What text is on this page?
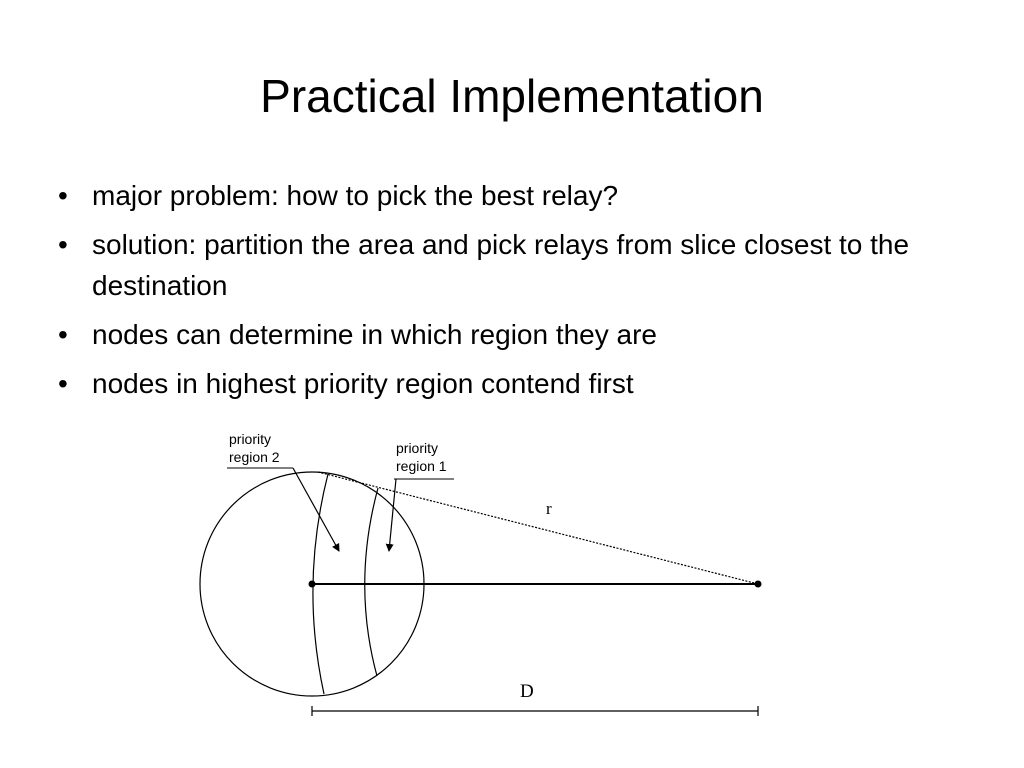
Practical Implementation
• major problem: how to pick the best relay?
• solution: partition the area and pick relays from slice closest to the destination
• nodes can determine in which region they are
• nodes in highest priority region contend first
r
D
priority
region 2
priority
region 1
